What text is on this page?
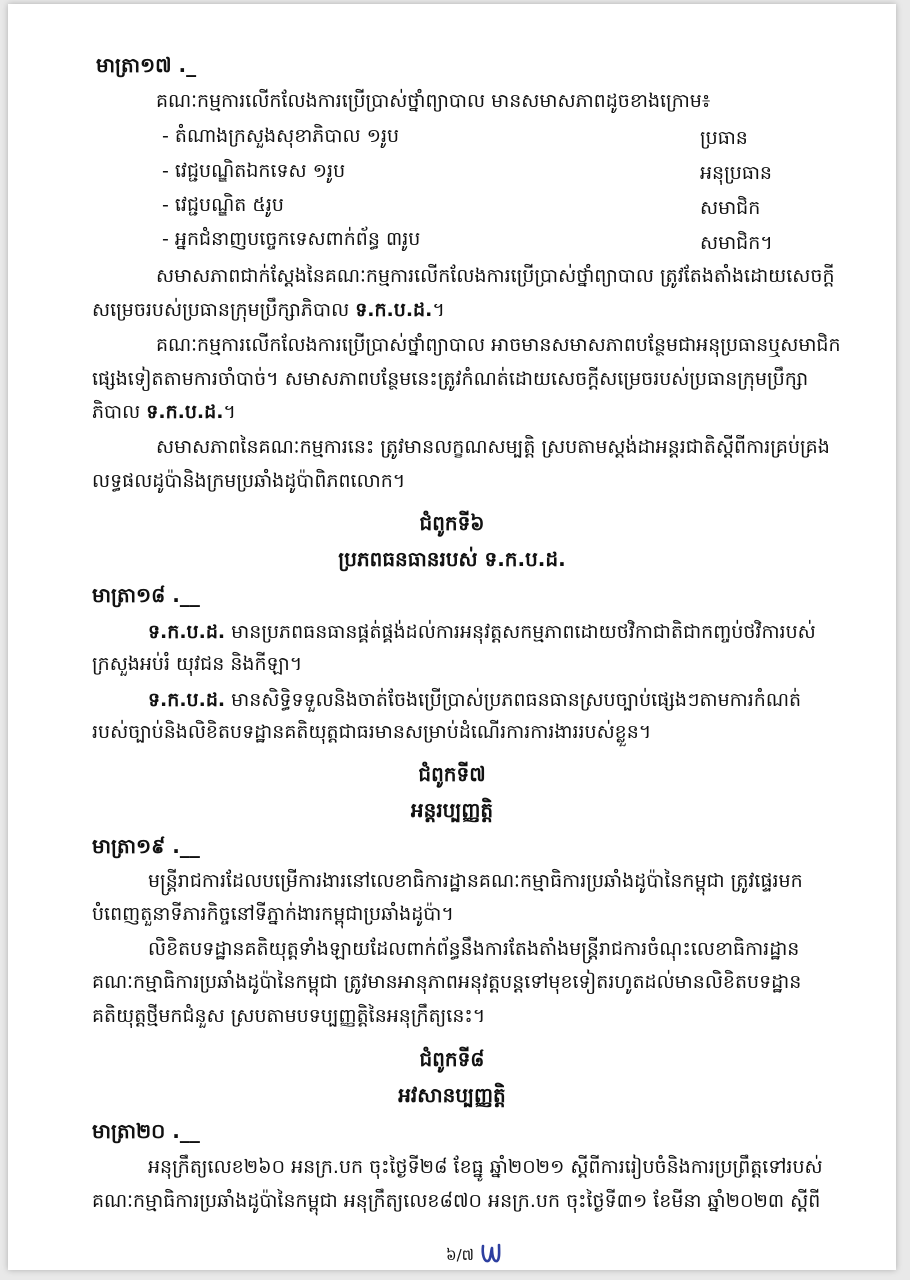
មាត្រា១៧ ._
គណៈកម្មការលើកលែងការប្រើប្រាស់ថ្នាំព្យាបាល មានសមាសភាពដូចខាងក្រោម៖
- តំណាងក្រសួងសុខាភិបាល ១រូប	ប្រធាន
- វេជ្ជបណ្ឌិតឯកទេស ១រូប	អនុប្រធាន
- វេជ្ជបណ្ឌិត ៥រូប	សមាជិក
- អ្នកជំនាញបច្ចេកទេសពាក់ព័ន្ធ ៣រូប	សមាជិក។
សមាសភាពជាក់ស្តែងនៃគណៈកម្មការលើកលែងការប្រើប្រាស់ថ្នាំព្យាបាល ត្រូវតែងតាំងដោយសេចក្តី
សម្រេចរបស់ប្រធានក្រុមប្រឹក្សាភិបាល ទ.ក.ប.ដ.។
គណៈកម្មការលើកលែងការប្រើប្រាស់ថ្នាំព្យាបាល អាចមានសមាសភាពបន្ថែមជាអនុប្រធានឬសមាជិក
ផ្សេងទៀតតាមការចាំបាច់។ សមាសភាពបន្ថែមនេះត្រូវកំណត់ដោយសេចក្តីសម្រេចរបស់ប្រធានក្រុមប្រឹក្សា
ភិបាល ទ.ក.ប.ដ.។
សមាសភាពនៃគណៈកម្មការនេះ ត្រូវមានលក្ខណសម្បត្តិ ស្របតាមស្តង់ដាអន្តរជាតិស្តីពីការគ្រប់គ្រង
លទ្ធផលដូប៉ានិងក្រមប្រឆាំងដូប៉ាពិភពលោក។
ជំពូកទី៦
ប្រភពធនធានរបស់ ទ.ក.ប.ដ.
មាត្រា១៨ .__
ទ.ក.ប.ដ. មានប្រភពធនធានផ្គត់ផ្គង់ដល់ការអនុវត្តសកម្មភាពដោយថវិកាជាតិជាកញ្ចប់ថវិការបស់
ក្រសួងអប់រំ យុវជន និងកីឡា។
ទ.ក.ប.ដ. មានសិទ្ធិទទួលនិងចាត់ចែងប្រើប្រាស់ប្រភពធនធានស្របច្បាប់ផ្សេងៗតាមការកំណត់
របស់ច្បាប់និងលិខិតបទដ្ឋានគតិយុត្តជាធរមានសម្រាប់ដំណើរការការងាររបស់ខ្លួន។
ជំពូកទី៧
អន្តរប្បញ្ញត្តិ
មាត្រា១៩ .__
មន្ត្រីរាជការដែលបម្រើការងារនៅលេខាធិការដ្ឋានគណៈកម្មាធិការប្រឆាំងដូប៉ានៃកម្ពុជា ត្រូវផ្ទេរមក
បំពេញតួនាទីភារកិច្ចនៅទីភ្នាក់ងារកម្ពុជាប្រឆាំងដូប៉ា។
លិខិតបទដ្ឋានគតិយុត្តទាំងឡាយដែលពាក់ព័ន្ធនឹងការតែងតាំងមន្ត្រីរាជការចំណុះលេខាធិការដ្ឋាន
គណៈកម្មាធិការប្រឆាំងដូប៉ានៃកម្ពុជា ត្រូវមានអានុភាពអនុវត្តបន្តទៅមុខទៀតរហូតដល់មានលិខិតបទដ្ឋាន
គតិយុត្តថ្មីមកជំនួស ស្របតាមបទប្បញ្ញត្តិនៃអនុក្រឹត្យនេះ។
ជំពូកទី៨
អវសានប្បញ្ញត្តិ
មាត្រា២០ .__
អនុក្រឹត្យលេខ២៦០ អនក្រ.បក ចុះថ្ងៃទី២៨ ខែធ្នូ ឆ្នាំ២០២១ ស្តីពីការរៀបចំនិងការប្រព្រឹត្តទៅរបស់
គណៈកម្មាធិការប្រឆាំងដូប៉ានៃកម្ពុជា អនុក្រឹត្យលេខ៨៧០ អនក្រ.បក ចុះថ្ងៃទី៣១ ខែមីនា ឆ្នាំ២០២៣ ស្តីពី
៦/៧
